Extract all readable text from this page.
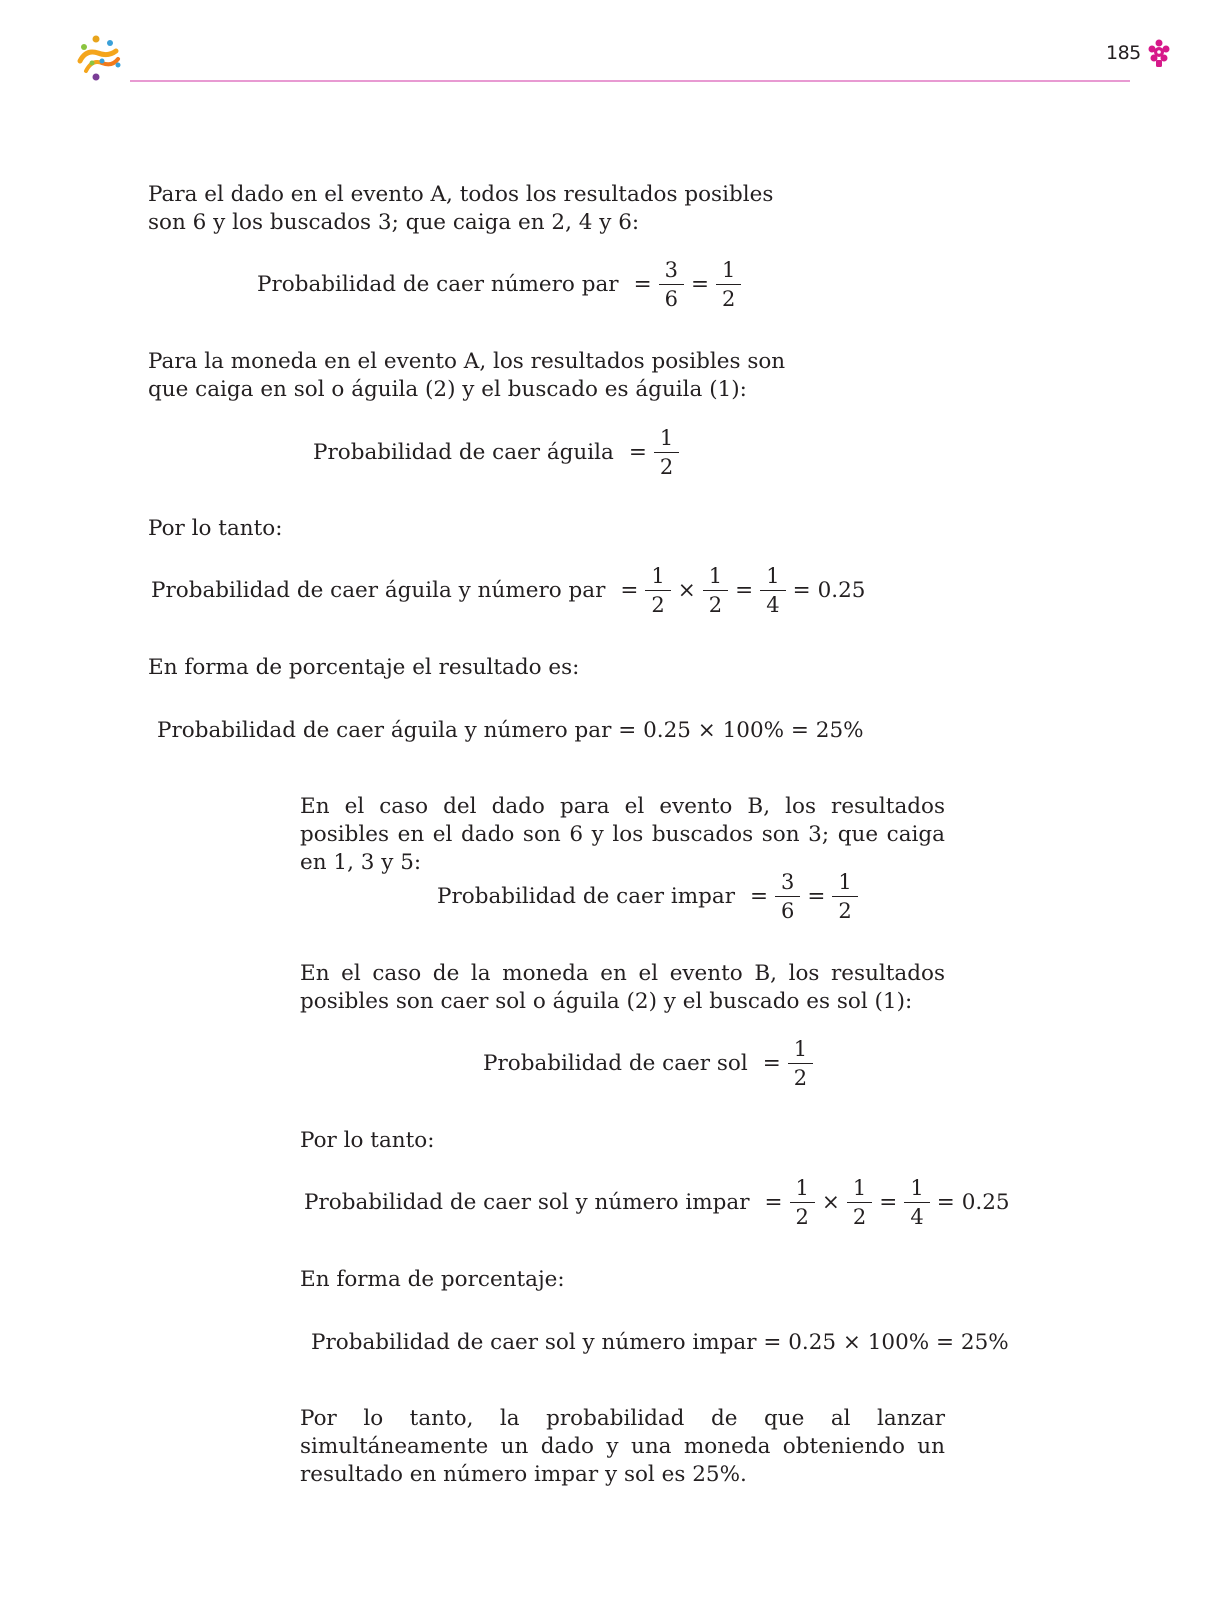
185

Para el dado en el evento A, todos los resultados posibles son 6 y los buscados 3; que caiga en 2, 4 y 6:

Probabilidad de caer número par = $\frac{3}{6} = \frac{1}{2}$

Para la moneda en el evento A, los resultados posibles son que caiga en sol o águila (2) y el buscado es águila (1):

Probabilidad de caer águila = $\frac{1}{2}$

Por lo tanto:

Probabilidad de caer águila y número par = $\frac{1}{2} \times \frac{1}{2} = \frac{1}{4} = 0.25$

En forma de porcentaje el resultado es:

Probabilidad de caer águila y número par = 0.25 × 100% = 25%

En el caso del dado para el evento B, los resultados posibles en el dado son 6 y los buscados son 3; que caiga en 1, 3 y 5:

Probabilidad de caer impar = $\frac{3}{6} = \frac{1}{2}$

En el caso de la moneda en el evento B, los resultados posibles son caer sol o águila (2) y el buscado es sol (1):

Probabilidad de caer sol = $\frac{1}{2}$

Por lo tanto:

Probabilidad de caer sol y número impar = $\frac{1}{2} \times \frac{1}{2} = \frac{1}{4} = 0.25$

En forma de porcentaje:

Probabilidad de caer sol y número impar = 0.25 × 100% = 25%

Por lo tanto, la probabilidad de que al lanzar simultáneamente un dado y una moneda obteniendo un resultado en número impar y sol es 25%.
